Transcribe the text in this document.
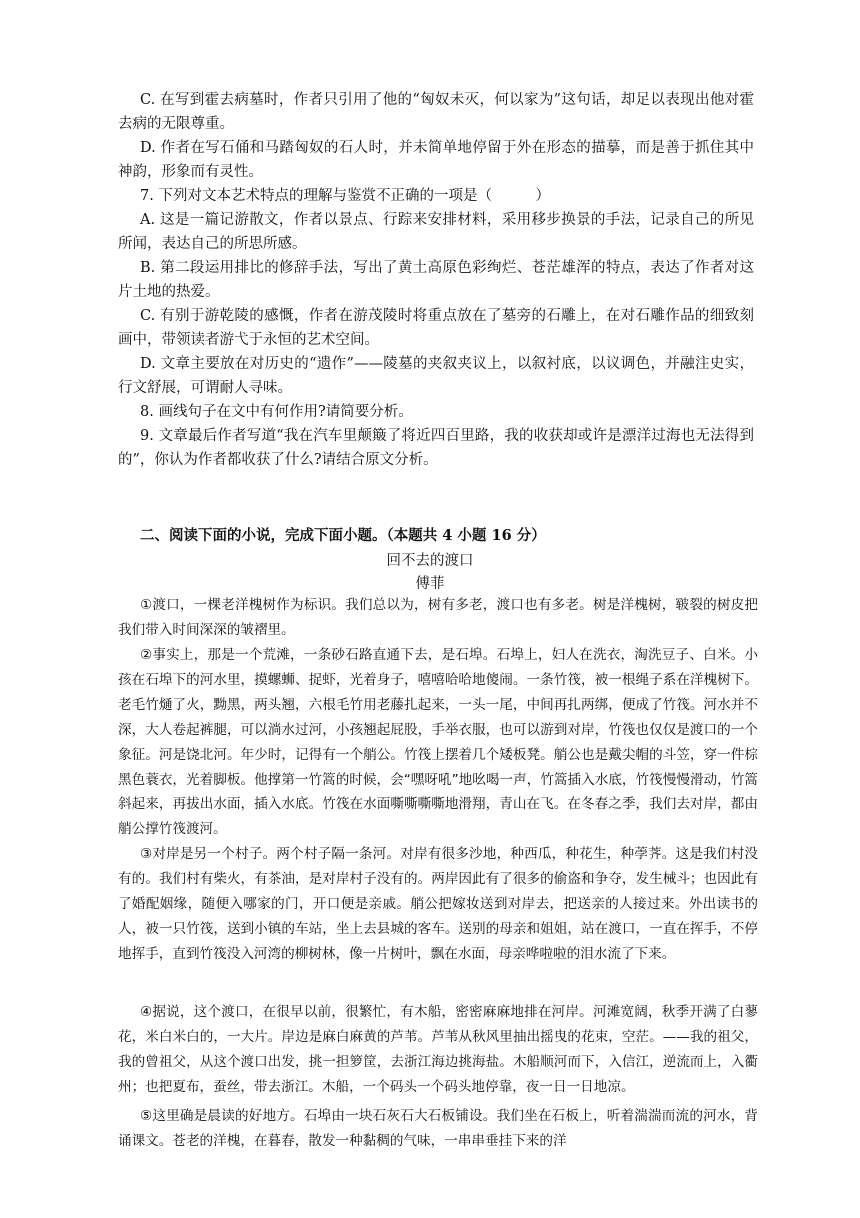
C. 在写到霍去病墓时，作者只引用了他的“匈奴未灭，何以家为”这句话，却足以表现出他对霍去病的无限尊重。

D. 作者在写石俑和马踏匈奴的石人时，并未简单地停留于外在形态的描摹，而是善于抓住其中神韵，形象而有灵性。

7. 下列对文本艺术特点的理解与鉴赏不正确的一项是（　　　）

A. 这是一篇记游散文，作者以景点、行踪来安排材料，采用移步换景的手法，记录自己的所见所闻，表达自己的所思所感。

B. 第二段运用排比的修辞手法，写出了黄土高原色彩绚烂、苍茫雄浑的特点，表达了作者对这片土地的热爱。

C. 有别于游乾陵的感慨，作者在游茂陵时将重点放在了墓旁的石雕上，在对石雕作品的细致刻画中，带领读者游弋于永恒的艺术空间。

D. 文章主要放在对历史的“遗作”——陵墓的夹叙夹议上，以叙衬底，以议调色，并融注史实，行文舒展，可谓耐人寻味。

8. 画线句子在文中有何作用?请简要分析。

9. 文章最后作者写道“我在汽车里颠簸了将近四百里路，我的收获却或许是漂洋过海也无法得到的”，你认为作者都收获了什么?请结合原文分析。

二、阅读下面的小说，完成下面小题。（本题共 4 小题 16 分）

回不去的渡口

傅菲

①渡口，一棵老洋槐树作为标识。我们总以为，树有多老，渡口也有多老。树是洋槐树，皲裂的树皮把我们带入时间深深的皱褶里。

②事实上，那是一个荒滩，一条砂石路直通下去，是石埠。石埠上，妇人在洗衣，淘洗豆子、白米。小孩在石埠下的河水里，摸螺蛳、捉虾，光着身子，嘻嘻哈哈地傻闹。一条竹筏，被一根绳子系在洋槐树下。老毛竹熥了火，黝黑，两头翘，六根毛竹用老藤扎起来，一头一尾，中间再扎两绑，便成了竹筏。河水并不深，大人卷起裤腿，可以淌水过河，小孩翘起屁股，手举衣服，也可以游到对岸，竹筏也仅仅是渡口的一个象征。河是饶北河。年少时，记得有一个艄公。竹筏上摆着几个矮板凳。艄公也是戴尖帽的斗笠，穿一件棕黑色蓑衣，光着脚板。他撑第一竹篙的时候，会“嘿呀吼”地吆喝一声，竹篙插入水底，竹筏慢慢滑动，竹篙斜起来，再拔出水面，插入水底。竹筏在水面嘶嘶嘶嘶地滑翔，青山在飞。在冬春之季，我们去对岸，都由艄公撑竹筏渡河。

③对岸是另一个村子。两个村子隔一条河。对岸有很多沙地，种西瓜，种花生，种荸荠。这是我们村没有的。我们村有柴火，有茶油，是对岸村子没有的。两岸因此有了很多的偷盗和争夺，发生械斗；也因此有了婚配姻缘，随便入哪家的门，开口便是亲戚。艄公把嫁妆送到对岸去，把送亲的人接过来。外出读书的人，被一只竹筏，送到小镇的车站，坐上去县城的客车。送别的母亲和姐姐，站在渡口，一直在挥手，不停地挥手，直到竹筏没入河湾的柳树林，像一片树叶，飘在水面，母亲哗啦啦的泪水流了下来。

④据说，这个渡口，在很早以前，很繁忙，有木船，密密麻麻地排在河岸。河滩宽阔，秋季开满了白蓼花，米白米白的，一大片。岸边是麻白麻黄的芦苇。芦苇从秋风里抽出摇曳的花束，空茫。——我的祖父，我的曾祖父，从这个渡口出发，挑一担箩筐，去浙江海边挑海盐。木船顺河而下，入信江，逆流而上，入衢州；也把夏布，蚕丝，带去浙江。木船，一个码头一个码头地停靠，夜一日一日地凉。

⑤这里确是晨读的好地方。石埠由一块石灰石大石板铺设。我们坐在石板上，听着湍湍而流的河水，背诵课文。苍老的洋槐，在暮春，散发一种黏稠的气味，一串串垂挂下来的洋
